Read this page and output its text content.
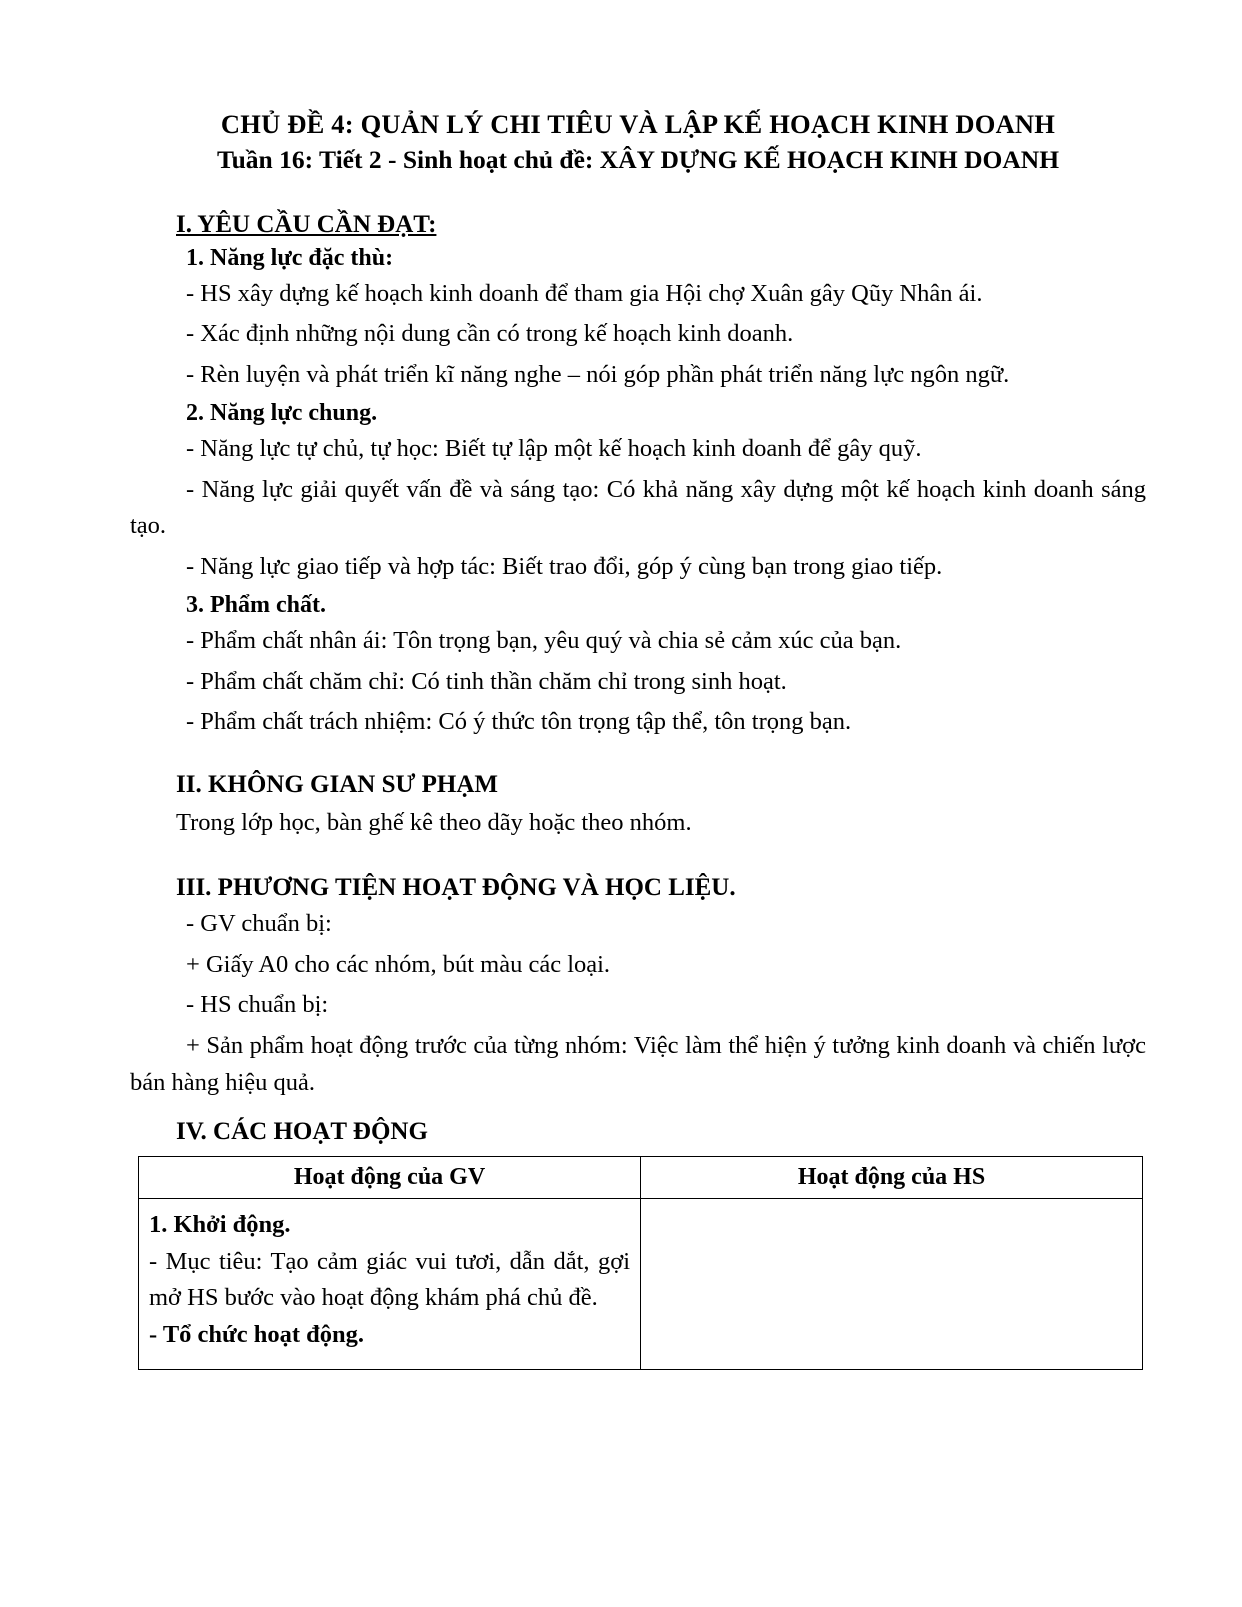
CHỦ ĐỀ 4: QUẢN LÝ CHI TIÊU VÀ LẬP KẾ HOẠCH KINH DOANH
Tuần 16: Tiết 2 - Sinh hoạt chủ đề: XÂY DỰNG KẾ HOẠCH KINH DOANH
I. YÊU CẦU CẦN ĐẠT:
1. Năng lực đặc thù:

- HS xây dựng kế hoạch kinh doanh để tham gia Hội chợ Xuân gây Qũy Nhân ái.

- Xác định những nội dung cần có trong kế hoạch kinh doanh.

- Rèn luyện và phát triển kĩ năng nghe – nói góp phần phát triển năng lực ngôn ngữ.

2. Năng lực chung.

- Năng lực tự chủ, tự học: Biết tự lập một kế hoạch kinh doanh để gây quỹ.

- Năng lực giải quyết vấn đề và sáng tạo: Có khả năng xây dựng một kế hoạch kinh doanh sáng tạo.

- Năng lực giao tiếp và hợp tác: Biết trao đổi, góp ý cùng bạn trong giao tiếp.

3. Phẩm chất.

- Phẩm chất nhân ái: Tôn trọng bạn, yêu quý và chia sẻ cảm xúc của bạn.

- Phẩm chất chăm chỉ: Có tinh thần chăm chỉ trong sinh hoạt.

- Phẩm chất trách nhiệm: Có ý thức tôn trọng tập thể, tôn trọng bạn.

II. KHÔNG GIAN SƯ PHẠM

Trong lớp học, bàn ghế kê theo dãy hoặc theo nhóm.

III. PHƯƠNG TIỆN HOẠT ĐỘNG VÀ HỌC LIỆU.

- GV chuẩn bị:

+ Giấy A0 cho các nhóm, bút màu các loại.

- HS chuẩn bị:

+ Sản phẩm hoạt động trước của từng nhóm: Việc làm thể hiện ý tưởng kinh doanh và chiến lược bán hàng hiệu quả.

IV. CÁC HOẠT ĐỘNG
Hoạt động của GV	Hoạt động của HS

1. Khởi động.
- Mục tiêu: Tạo cảm giác vui tươi, dẫn dắt, gợi mở HS bước vào hoạt động khám phá chủ đề.
- Tổ chức hoạt động.	
